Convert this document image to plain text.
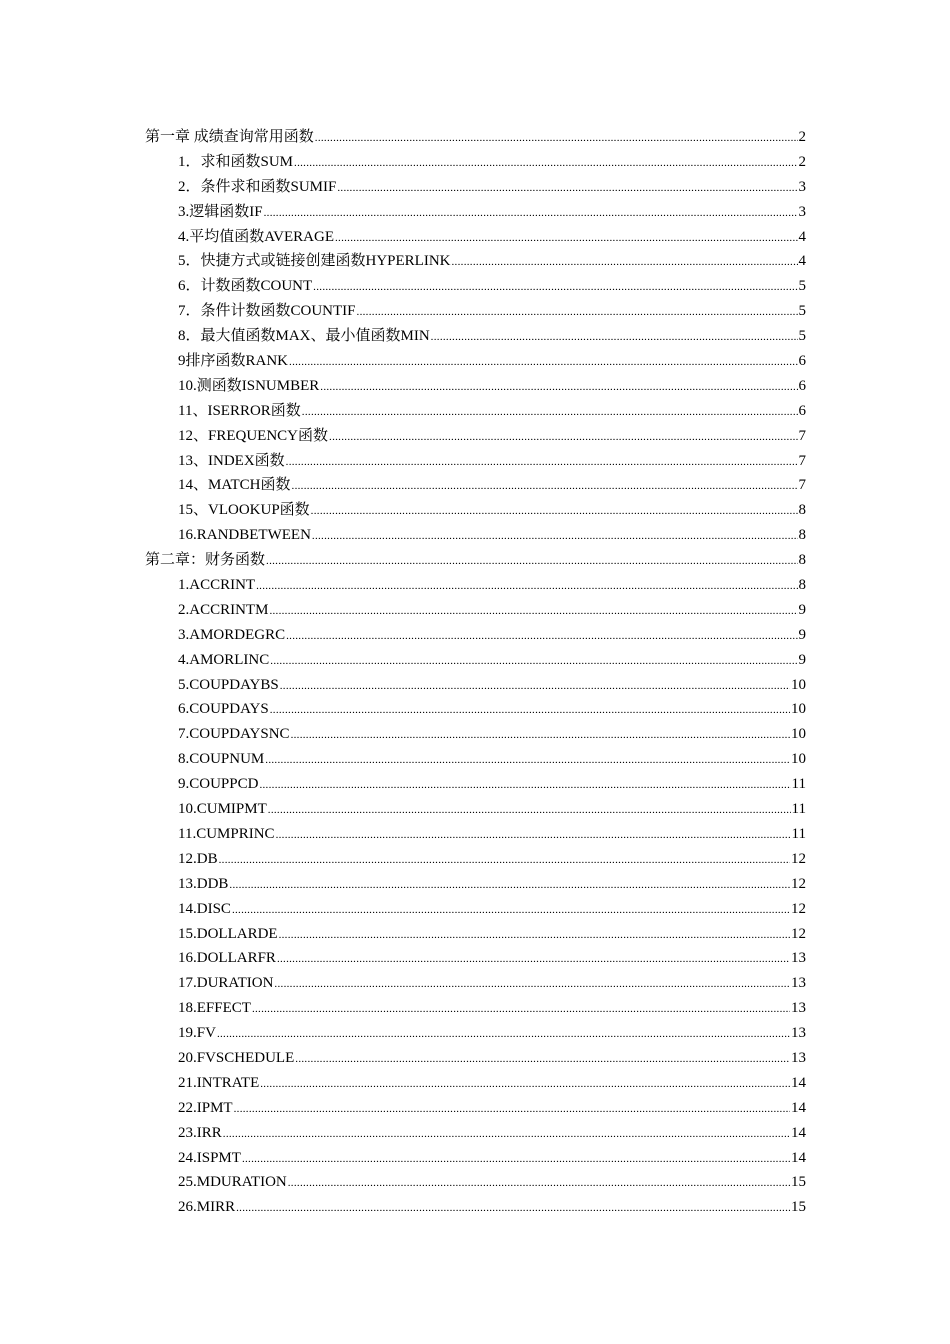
第一章 成绩查询常用函数 .....	2
1．求和函数SUM .....	2
2．条件求和函数SUMIF .....	3
3.逻辑函数IF .....	3
4.平均值函数AVERAGE .....	4
5．快捷方式或链接创建函数HYPERLINK .....	4
6．计数函数COUNT .....	5
7．条件计数函数COUNTIF .....	5
8．最大值函数MAX、最小值函数MIN .....	5
9排序函数RANK .....	6
10.测函数ISNUMBER .....	6
11、ISERROR函数 .....	6
12、FREQUENCY函数 .....	7
13、INDEX函数 .....	7
14、MATCH函数 .....	7
15、VLOOKUP函数 .....	8
16.RANDBETWEEN .....	8
第二章：财务函数 .....	8
1.ACCRINT .....	8
2.ACCRINTM .....	9
3.AMORDEGRC .....	9
4.AMORLINC .....	9
5.COUPDAYBS .....	10
6.COUPDAYS .....	10
7.COUPDAYSNC .....	10
8.COUPNUM .....	10
9.COUPPCD .....	11
10.CUMIPMT .....	11
11.CUMPRINC .....	11
12.DB .....	12
13.DDB .....	12
14.DISC .....	12
15.DOLLARDE .....	12
16.DOLLARFR .....	13
17.DURATION .....	13
18.EFFECT .....	13
19.FV .....	13
20.FVSCHEDULE .....	13
21.INTRATE .....	14
22.IPMT .....	14
23.IRR .....	14
24.ISPMT .....	14
25.MDURATION .....	15
26.MIRR .....	15
